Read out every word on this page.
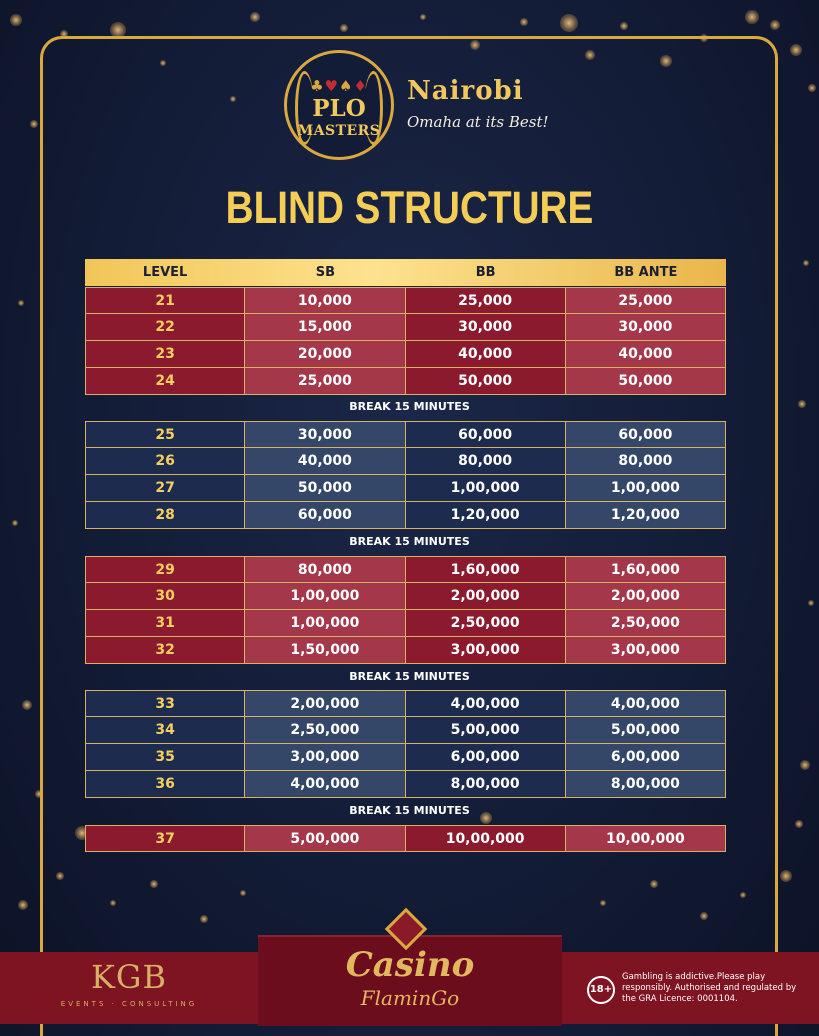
♣♥♠♦
PLO
MASTERS
Nairobi
Omaha at its Best!
BLIND STRUCTURE
LEVEL	SB	BB	BB ANTE
21	10,000	25,000	25,000
22	15,000	30,000	30,000
23	20,000	40,000	40,000
24	25,000	50,000	50,000
25	30,000	60,000	60,000
26	40,000	80,000	80,000
27	50,000	1,00,000	1,00,000
28	60,000	1,20,000	1,20,000
29	80,000	1,60,000	1,60,000
30	1,00,000	2,00,000	2,00,000
31	1,00,000	2,50,000	2,50,000
32	1,50,000	3,00,000	3,00,000
33	2,00,000	4,00,000	4,00,000
34	2,50,000	5,00,000	5,00,000
35	3,00,000	6,00,000	6,00,000
36	4,00,000	8,00,000	8,00,000
37	5,00,000	10,00,000	10,00,000
BREAK 15 MINUTES
BREAK 15 MINUTES
BREAK 15 MINUTES
BREAK 15 MINUTES
KGB
EVENTS · CONSULTING
Casino
FlaminGo	18+
Gambling is addictive.Please play responsibly. Authorised and regulated by the GRA Licence: 0001104.
